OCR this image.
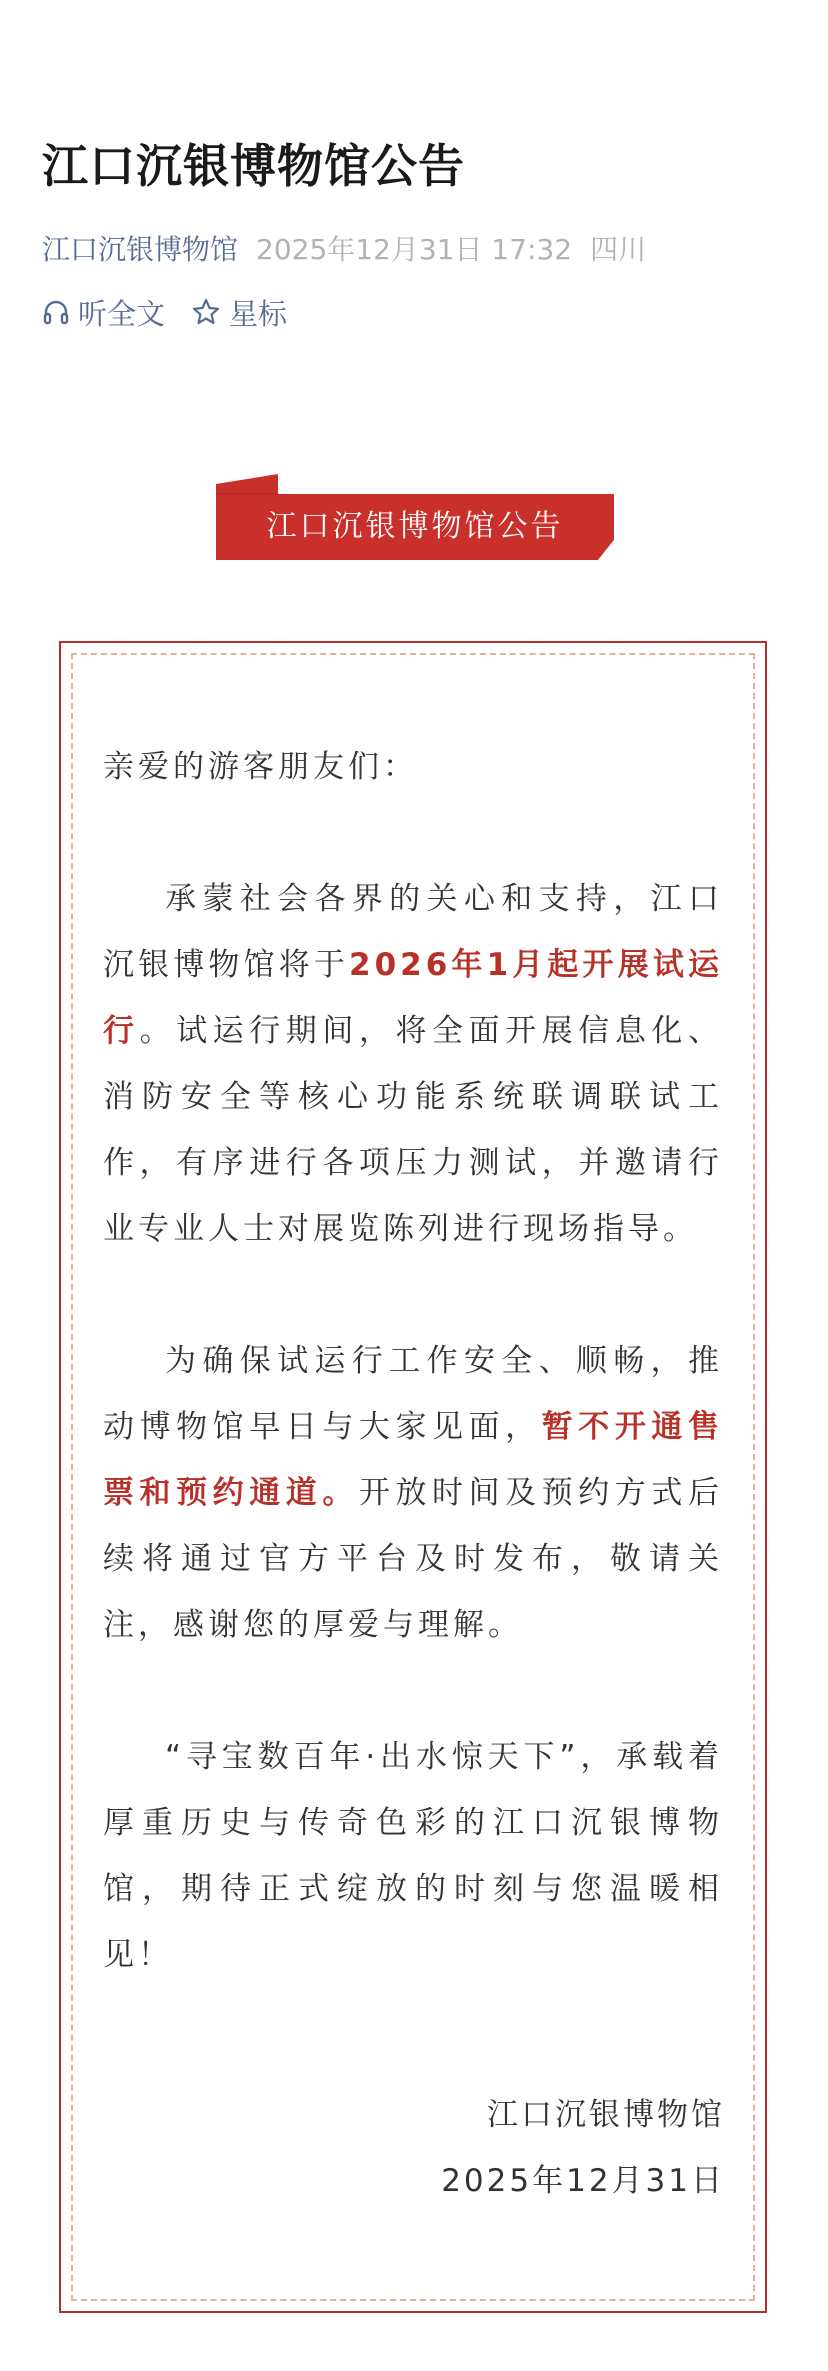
江口沉银博物馆公告
江口沉银博物馆 2025年12月31日 17:32 四川
听全文 星标
江口沉银博物馆公告

亲爱的游客朋友们：

承蒙社会各界的关心和支持，江口沉银博物馆将于2026年1月起开展试运行。试运行期间，将全面开展信息化、消防安全等核心功能系统联调联试工作，有序进行各项压力测试，并邀请行业专业人士对展览陈列进行现场指导。

为确保试运行工作安全、顺畅，推动博物馆早日与大家见面，暂不开通售票和预约通道。开放时间及预约方式后续将通过官方平台及时发布，敬请关注，感谢您的厚爱与理解。

“寻宝数百年·出水惊天下”，承载着厚重历史与传奇色彩的江口沉银博物馆，期待正式绽放的时刻与您温暖相见！

江口沉银博物馆
2025年12月31日
